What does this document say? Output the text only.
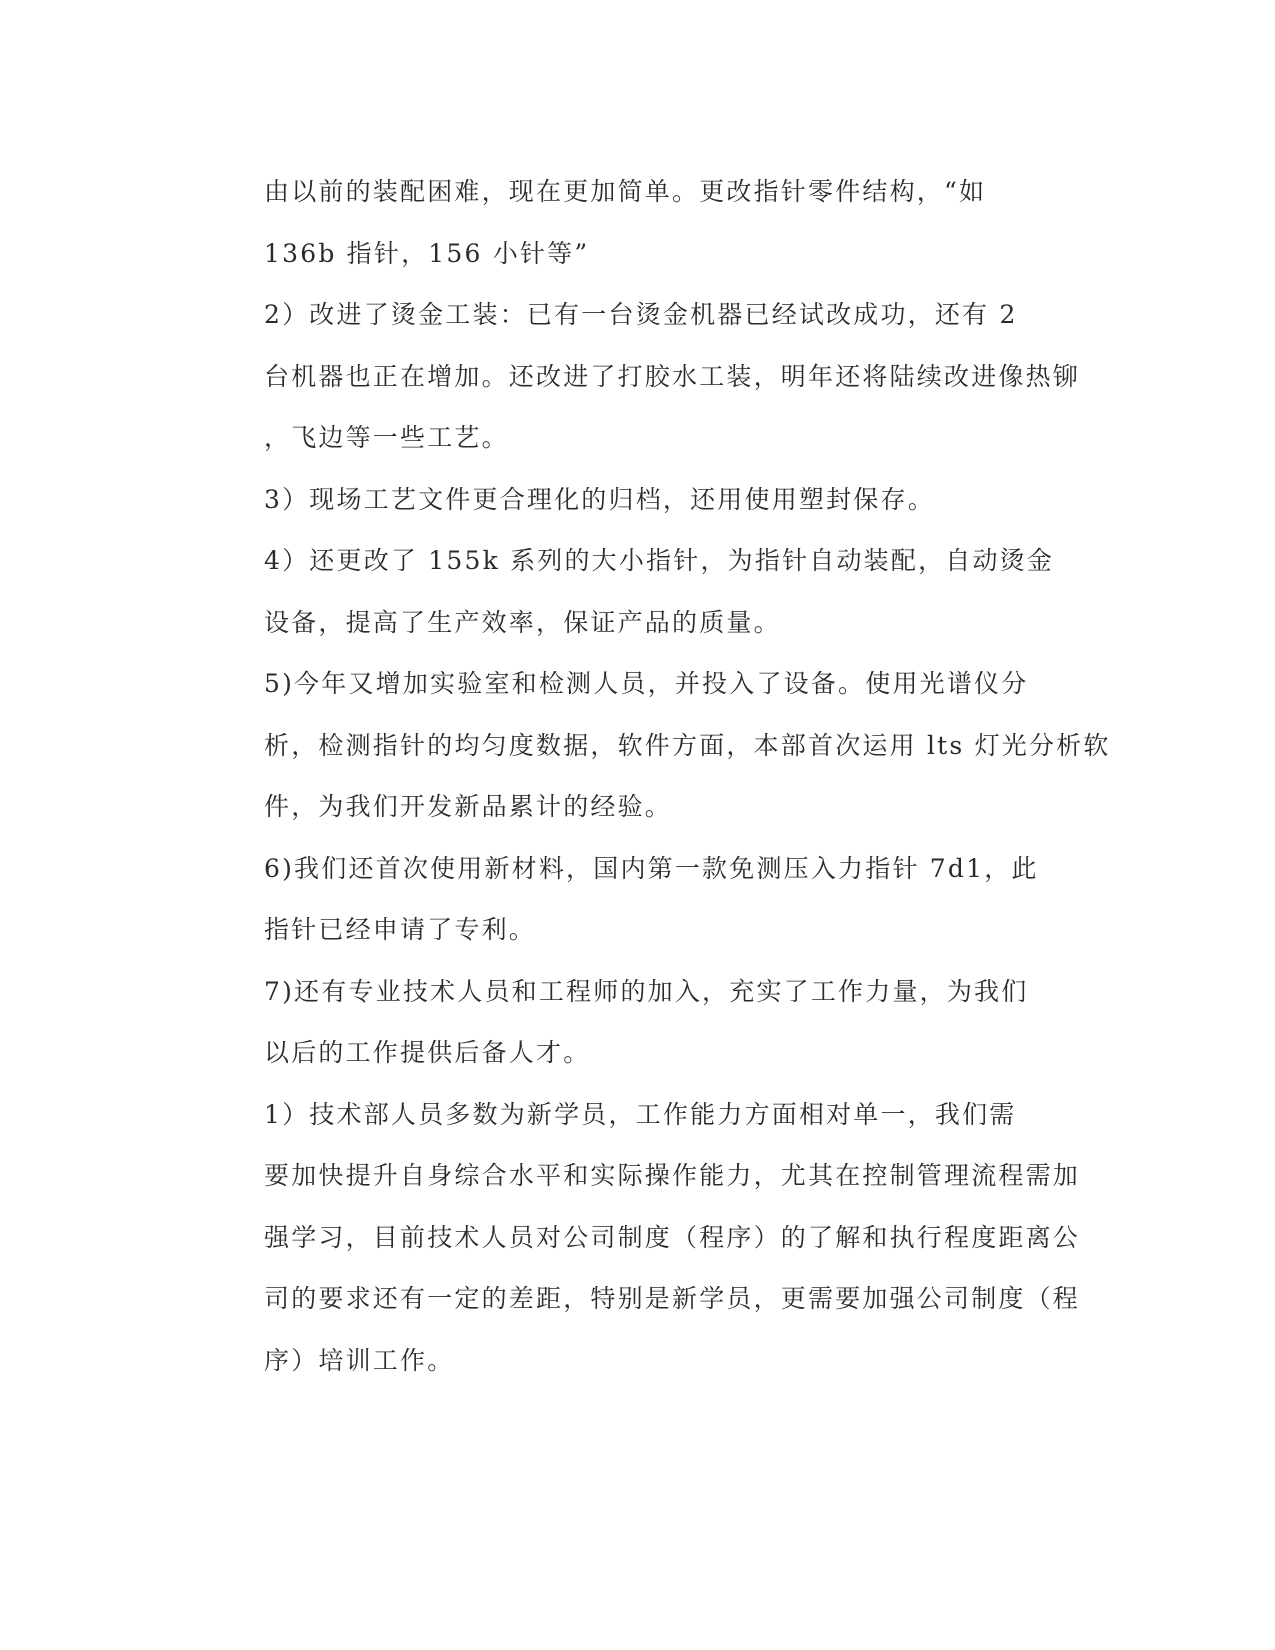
由以前的装配困难，现在更加简单。更改指针零件结构，“如
136b 指针，156 小针等”

2）改进了烫金工装：已有一台烫金机器已经试改成功，还有 2
台机器也正在增加。还改进了打胶水工装，明年还将陆续改进像热铆
，飞边等一些工艺。

3）现场工艺文件更合理化的归档，还用使用塑封保存。

4）还更改了 155k 系列的大小指针，为指针自动装配，自动烫金
设备，提高了生产效率，保证产品的质量。

5)今年又增加实验室和检测人员，并投入了设备。使用光谱仪分
析，检测指针的均匀度数据，软件方面，本部首次运用 lts 灯光分析软
件，为我们开发新品累计的经验。

6)我们还首次使用新材料，国内第一款免测压入力指针 7d1，此
指针已经申请了专利。

7)还有专业技术人员和工程师的加入，充实了工作力量，为我们
以后的工作提供后备人才。

1）技术部人员多数为新学员，工作能力方面相对单一，我们需
要加快提升自身综合水平和实际操作能力，尤其在控制管理流程需加
强学习，目前技术人员对公司制度（程序）的了解和执行程度距离公
司的要求还有一定的差距，特别是新学员，更需要加强公司制度（程
序）培训工作。
